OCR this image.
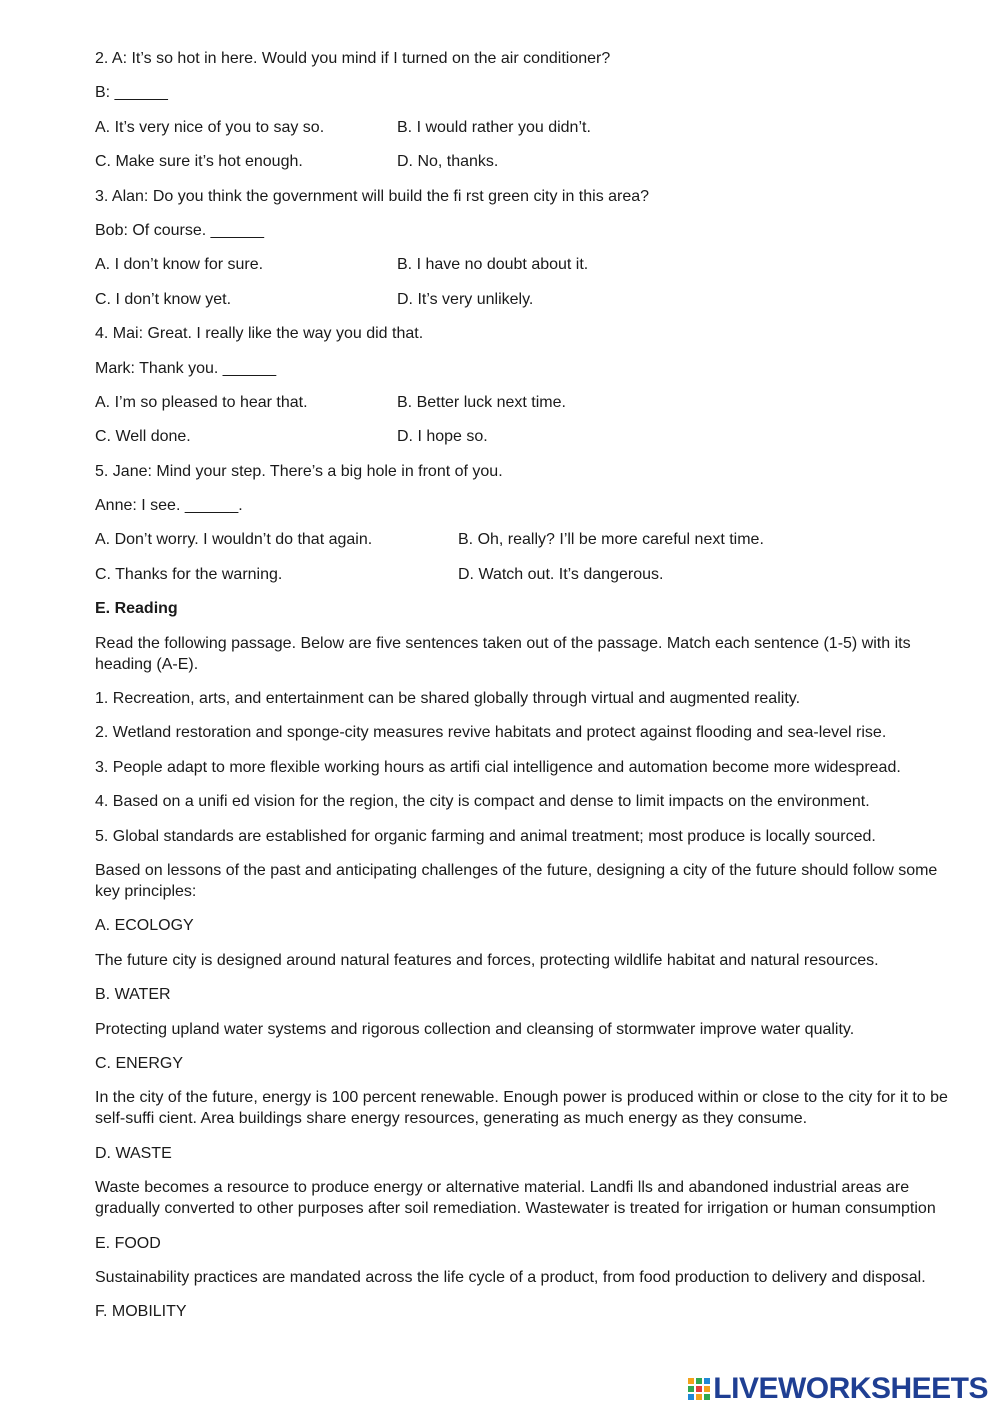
2. A: It’s so hot in here. Would you mind if I turned on the air conditioner?
B: ______
A. It’s very nice of you to say so.	B. I would rather you didn’t.
C. Make sure it’s hot enough.	D. No, thanks.
3. Alan: Do you think the government will build the fi rst green city in this area?
Bob: Of course. ______
A. I don’t know for sure.	B. I have no doubt about it.
C. I don’t know yet.	D. It’s very unlikely.
4. Mai: Great. I really like the way you did that.
Mark: Thank you. ______
A. I’m so pleased to hear that.	B. Better luck next time.
C. Well done.	D. I hope so.
5. Jane: Mind your step. There’s a big hole in front of you.
Anne: I see. ______.
A. Don’t worry. I wouldn’t do that again.	B. Oh, really? I’ll be more careful next time.
C. Thanks for the warning.	D. Watch out. It’s dangerous.
E. Reading
Read the following passage. Below are five sentences taken out of the passage. Match each sentence (1-5) with its heading (A-E).
1. Recreation, arts, and entertainment can be shared globally through virtual and augmented reality.
2. Wetland restoration and sponge-city measures revive habitats and protect against flooding and sea-level rise.
3. People adapt to more flexible working hours as artifi cial intelligence and automation become more widespread.
4. Based on a unifi ed vision for the region, the city is compact and dense to limit impacts on the environment.
5. Global standards are established for organic farming and animal treatment; most produce is locally sourced.
Based on lessons of the past and anticipating challenges of the future, designing a city of the future should follow some key principles:
A. ECOLOGY
The future city is designed around natural features and forces, protecting wildlife habitat and natural resources.
B. WATER
Protecting upland water systems and rigorous collection and cleansing of stormwater improve water quality.
C. ENERGY
In the city of the future, energy is 100 percent renewable. Enough power is produced within or close to the city for it to be self-suffi cient. Area buildings share energy resources, generating as much energy as they consume.
D. WASTE
Waste becomes a resource to produce energy or alternative material. Landfi lls and abandoned industrial areas are gradually converted to other purposes after soil remediation. Wastewater is treated for irrigation or human consumption
E. FOOD
Sustainability practices are mandated across the life cycle of a product, from food production to delivery and disposal.
F. MOBILITY
LIVEWORKSHEETS
